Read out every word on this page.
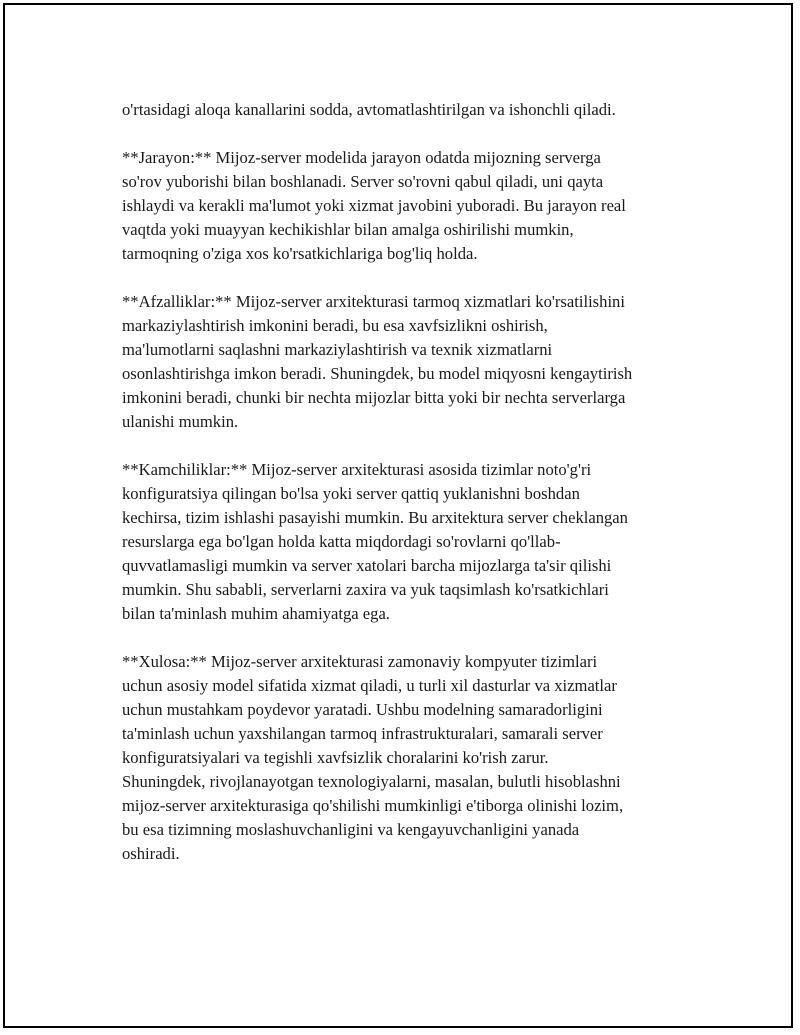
o'rtasidagi aloqa kanallarini sodda, avtomatlashtirilgan va ishonchli qiladi.

**Jarayon:** Mijoz-server modelida jarayon odatda mijozning serverga
so'rov yuborishi bilan boshlanadi. Server so'rovni qabul qiladi, uni qayta
ishlaydi va kerakli ma'lumot yoki xizmat javobini yuboradi. Bu jarayon real
vaqtda yoki muayyan kechikishlar bilan amalga oshirilishi mumkin,
tarmoqning o'ziga xos ko'rsatkichlariga bog'liq holda.

**Afzalliklar:** Mijoz-server arxitekturasi tarmoq xizmatlari ko'rsatilishini
markaziylashtirish imkonini beradi, bu esa xavfsizlikni oshirish,
ma'lumotlarni saqlashni markaziylashtirish va texnik xizmatlarni
osonlashtirishga imkon beradi. Shuningdek, bu model miqyosni kengaytirish
imkonini beradi, chunki bir nechta mijozlar bitta yoki bir nechta serverlarga
ulanishi mumkin.

**Kamchiliklar:** Mijoz-server arxitekturasi asosida tizimlar noto'g'ri
konfiguratsiya qilingan bo'lsa yoki server qattiq yuklanishni boshdan
kechirsa, tizim ishlashi pasayishi mumkin. Bu arxitektura server cheklangan
resurslarga ega bo'lgan holda katta miqdordagi so'rovlarni qo'llab-
quvvatlamasligi mumkin va server xatolari barcha mijozlarga ta'sir qilishi
mumkin. Shu sababli, serverlarni zaxira va yuk taqsimlash ko'rsatkichlari
bilan ta'minlash muhim ahamiyatga ega.

**Xulosa:** Mijoz-server arxitekturasi zamonaviy kompyuter tizimlari
uchun asosiy model sifatida xizmat qiladi, u turli xil dasturlar va xizmatlar
uchun mustahkam poydevor yaratadi. Ushbu modelning samaradorligini
ta'minlash uchun yaxshilangan tarmoq infrastrukturalari, samarali server
konfiguratsiyalari va tegishli xavfsizlik choralarini ko'rish zarur.
Shuningdek, rivojlanayotgan texnologiyalarni, masalan, bulutli hisoblashni
mijoz-server arxitekturasiga qo'shilishi mumkinligi e'tiborga olinishi lozim,
bu esa tizimning moslashuvchanligini va kengayuvchanligini yanada
oshiradi.
